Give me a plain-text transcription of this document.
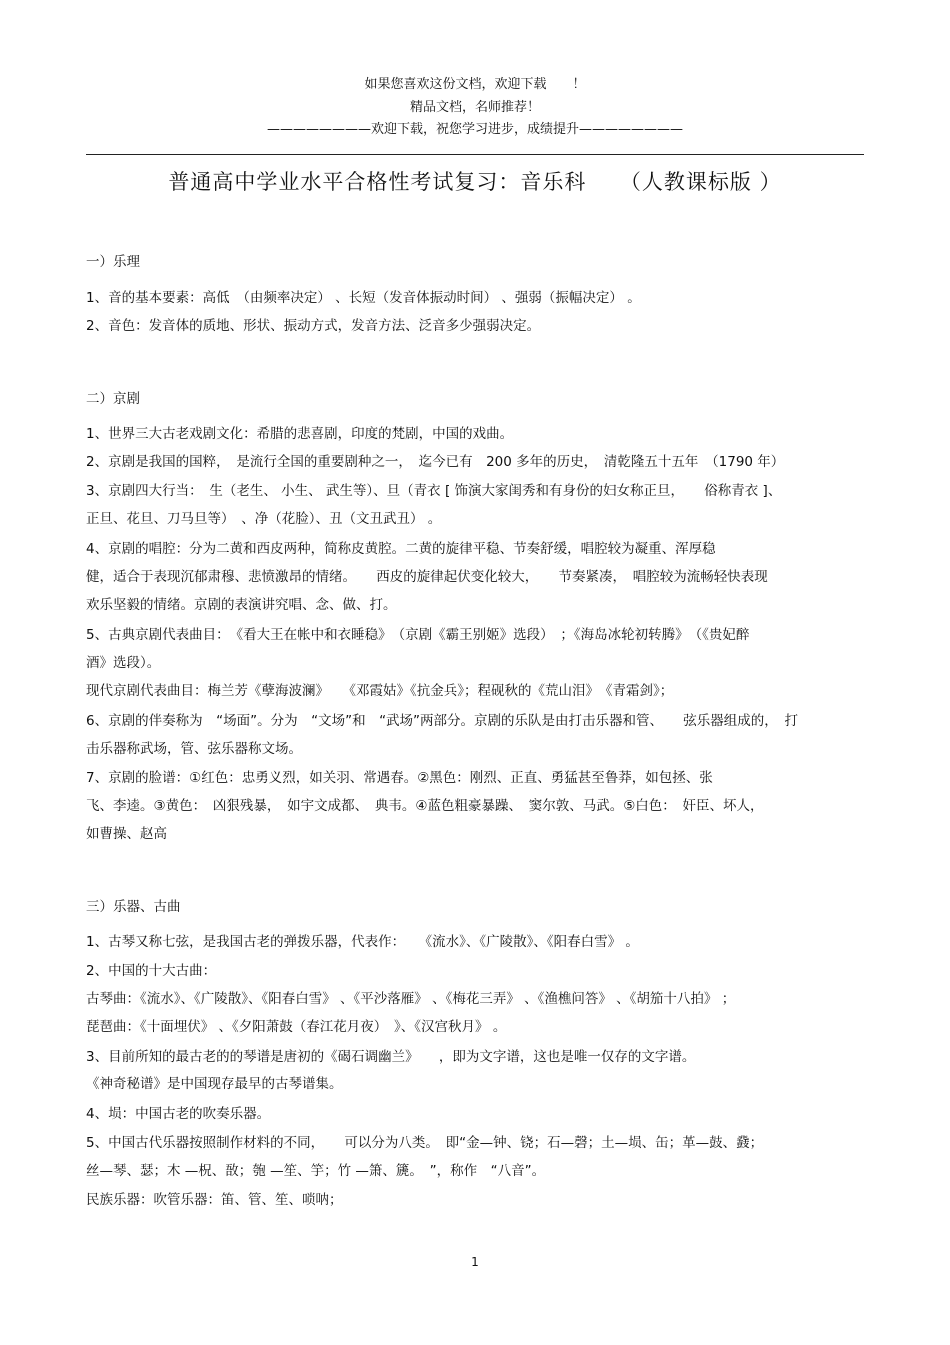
如果您喜欢这份文档，欢迎下载　　！
精品文档，名师推荐！
————————欢迎下载，祝您学习进步，成绩提升————————
普通高中学业水平合格性考试复习：音乐科　　（人教课标版 ）
一）乐理
1、音的基本要素：高低　（由频率决定） 、长短（发音体振动时间） 、强弱（振幅决定） 。
2、音色：发音体的质地、形状、振动方式，发音方法、泛音多少强弱决定。
二）京剧
1、世界三大古老戏剧文化：希腊的悲喜剧，印度的梵剧，中国的戏曲。
2、京剧是我国的国粹，　是流行全国的重要剧种之一，　迄今已有　200 多年的历史，　清乾隆五十五年　（1790 年）
3、京剧四大行当：　生（老生、 小生、 武生等）、旦（青衣 [ 饰演大家闺秀和有身份的妇女称正旦，　　俗称青衣 ]、
正旦、花旦、刀马旦等）　、净（花脸）、丑（文丑武丑） 。
4、京剧的唱腔：分为二黄和西皮两种，简称皮黄腔。二黄的旋律平稳、节奏舒缓，唱腔较为凝重、浑厚稳
健，适合于表现沉郁肃穆、悲愤激昂的情绪。　　西皮的旋律起伏变化较大，　　节奏紧凑，　唱腔较为流畅轻快表现
欢乐坚毅的情绪。京剧的表演讲究唱、念、做、打。
5、古典京剧代表曲目：　《看大王在帐中和衣睡稳》　（京剧《霸王别姬》选段）　；《海岛冰轮初转腾》　（《贵妃醉
酒》选段）。
现代京剧代表曲目：梅兰芳《孽海波澜》　　《邓霞姑》《抗金兵》；程砚秋的《荒山泪》　《青霜剑》；
6、京剧的伴奏称为　“场面”。分为　“文场”和　“武场”两部分。京剧的乐队是由打击乐器和管、　　弦乐器组成的，　打
击乐器称武场，管、弦乐器称文场。
7、京剧的脸谱：①红色：忠勇义烈，如关羽、常遇春。②黑色：刚烈、正直、勇猛甚至鲁莽，如包拯、张
飞、李逵。③黄色：　凶狠残暴，　如宇文成都、　典韦。④蓝色粗豪暴躁、　窦尔敦、马武。⑤白色：　奸臣、坏人，
如曹操、赵高
三）乐器、古曲
1、古琴又称七弦，是我国古老的弹拨乐器，代表作：　　《流水》、《广陵散》、《阳春白雪》 。
2、中国的十大古曲：
古琴曲：《流水》、《广陵散》、《阳春白雪》 、《平沙落雁》 、《梅花三弄》 、《渔樵问答》 、《胡笳十八拍》 ；
琵琶曲：《十面埋伏》 、《夕阳萧鼓（春江花月夜）　》、《汉宫秋月》 。
3、目前所知的最古老的的琴谱是唐初的《碣石调幽兰》　　，即为文字谱，这也是唯一仅存的文字谱。
《神奇秘谱》是中国现存最早的古琴谱集。
4、埙：中国古老的吹奏乐器。
5、中国古代乐器按照制作材料的不同，　　可以分为八类。　即“金—钟、铙；石—磬；土—埙、缶；革—鼓、鼗；
丝—琴、瑟；木 —柷、敔；匏 —笙、竽；竹 —箫、篪。　”，称作　“八音”。
民族乐器：吹管乐器：笛、管、笙、唢呐；
1
